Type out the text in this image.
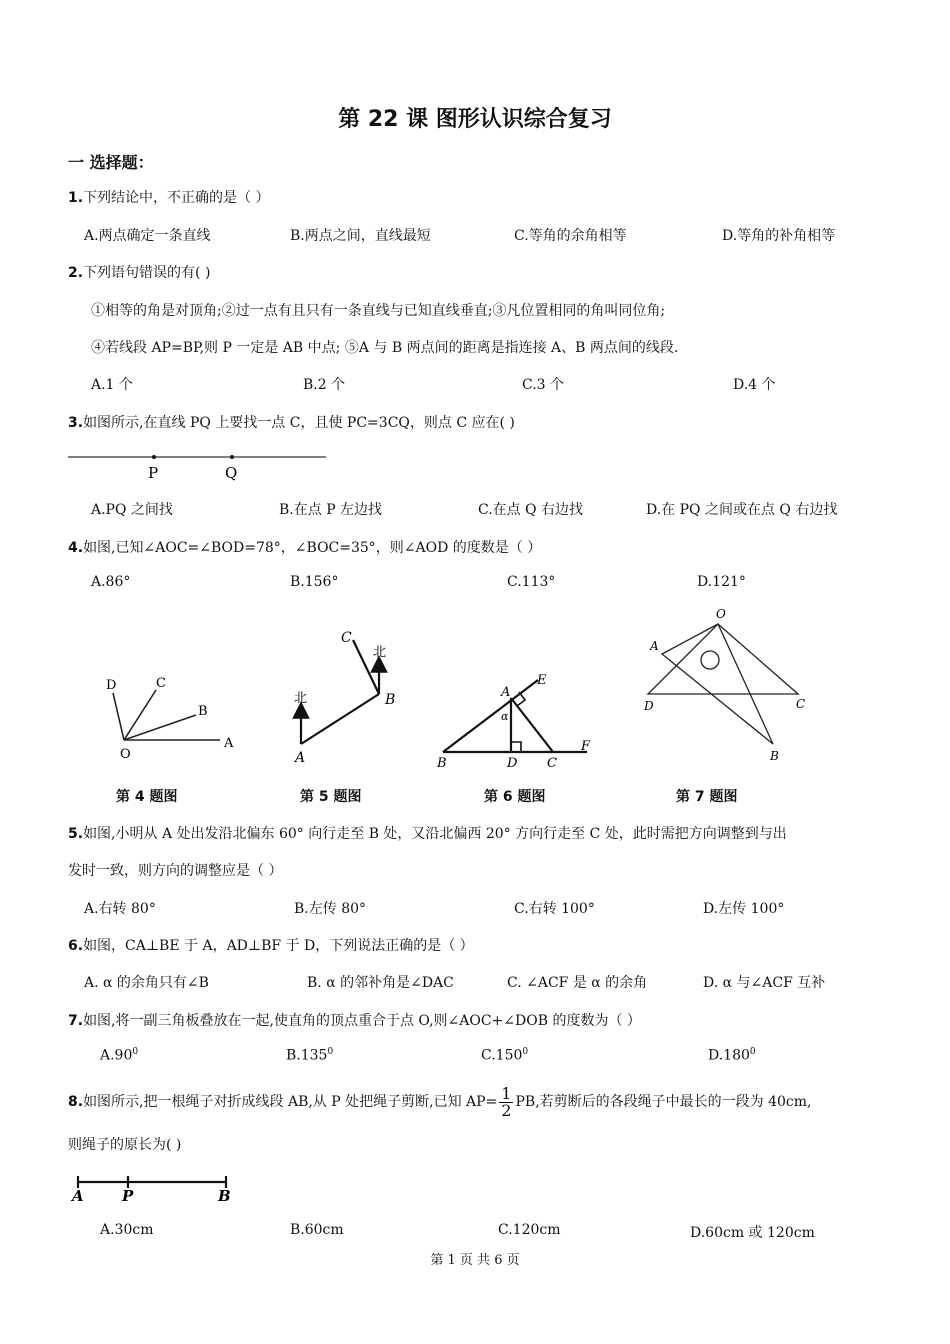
第 22 课 图形认识综合复习
一 选择题：
1.下列结论中，不正确的是（ ）
A.两点确定一条直线	B.两点之间，直线最短	C.等角的余角相等	D.等角的补角相等
2.下列语句错误的有( )
①相等的角是对顶角;②过一点有且只有一条直线与已知直线垂直;③凡位置相同的角叫同位角;
④若线段 AP=BP,则 P 一定是 AB 中点; ⑤A 与 B 两点间的距离是指连接 A、B 两点间的线段.
A.1 个	B.2 个	C.3 个	D.4 个
3.如图所示,在直线 PQ 上要找一点 C，且使 PC=3CQ，则点 C 应在( )
P	Q
A.PQ 之间找	B.在点 P 左边找	C.在点 Q 右边找	D.在 PQ 之间或在点 Q 右边找
4.如图,已知∠AOC=∠BOD=78°，∠BOC=35°，则∠AOD 的度数是（ ）
A.86°	B.156°	C.113°	D.121°
D	C
B
O
A
C
北
北	B
A
A
E
α
B	D C
F
O
A
D	C
B
第 4 题图	第 5 题图	第 6 题图	第 7 题图
5.如图,小明从 A 处出发沿北偏东 60° 向行走至 B 处，又沿北偏西 20° 方向行走至 C 处，此时需把方向调整到与出
发时一致，则方向的调整应是（ ）
A.右转 80°	B.左传 80°	C.右转 100°	D.左传 100°
6.如图，CA⊥BE 于 A，AD⊥BF 于 D，下列说法正确的是（ ）
A. α 的余角只有∠B	B. α 的邻补角是∠DAC	C. ∠ACF 是 α 的余角	D. α 与∠ACF 互补
7.如图,将一副三角板叠放在一起,使直角的顶点重合于点 O,则∠AOC+∠DOB 的度数为（ ）
$A.90^0$	B.135$^0$	C.150$^0$	D.180$^0$
8.如图所示,把一根绳子对折成线段 AB,从 P 处把绳子剪断,已知 $AP= \frac{1}{2}$ PB,若剪断后的各段绳子中最长的一段为 40cm,
则绳子的原长为( )
A	P	B
A.30cm	B.60cm	C.120cm	D.60cm 或 120cm
第 1 页 共 6 页
